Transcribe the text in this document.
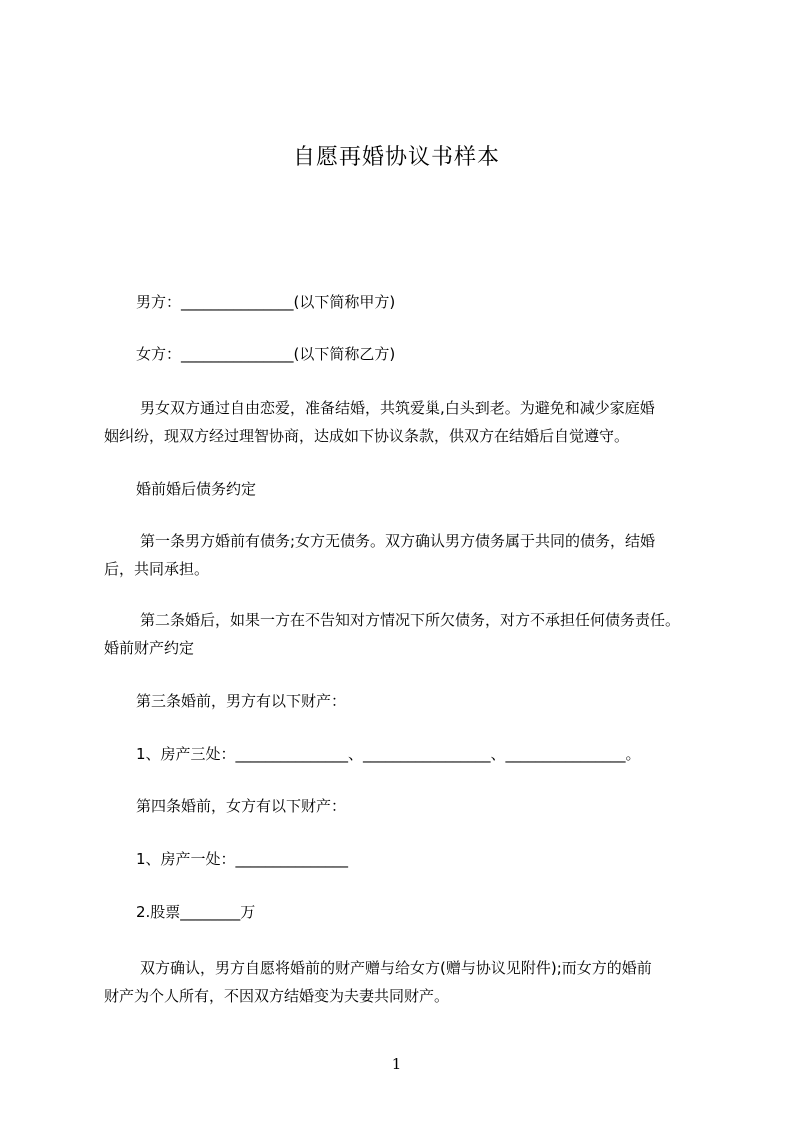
自愿再婚协议书样本
男方：_______________(以下简称甲方)
女方：_______________(以下简称乙方)
男女双方通过自由恋爱，准备结婚，共筑爱巢,白头到老。为避免和减少家庭婚
姻纠纷，现双方经过理智协商，达成如下协议条款，供双方在结婚后自觉遵守。
婚前婚后债务约定
第一条男方婚前有债务;女方无债务。双方确认男方债务属于共同的债务，结婚
后，共同承担。
第二条婚后，如果一方在不告知对方情况下所欠债务，对方不承担任何债务责任。
婚前财产约定
第三条婚前，男方有以下财产：
1、房产三处：_______________、_________________、________________。
第四条婚前，女方有以下财产：
1、房产一处：_______________
2.股票________万
双方确认，男方自愿将婚前的财产赠与给女方(赠与协议见附件);而女方的婚前
财产为个人所有，不因双方结婚变为夫妻共同财产。
1
